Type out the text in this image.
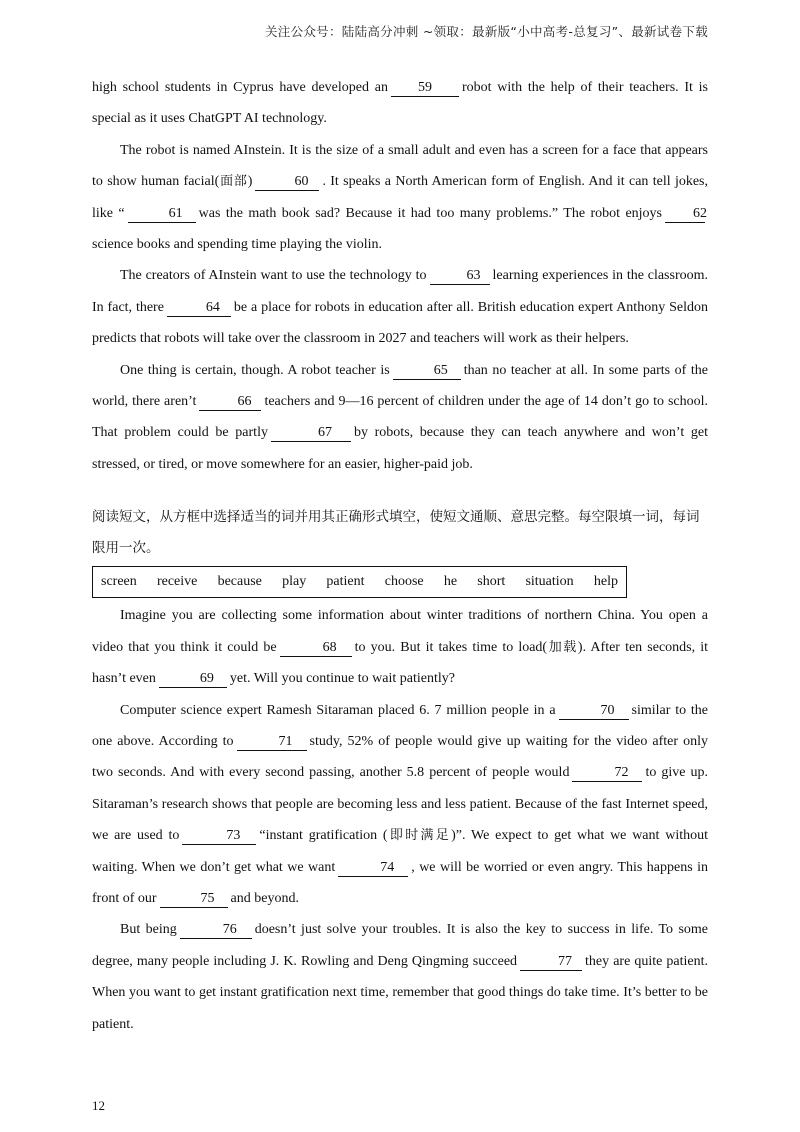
关注公众号：陆陆高分冲刺 ~领取：最新版“小中高考-总复习”、最新试卷下载

high school students in Cyprus have developed an 59 robot with the help of their teachers. It is special as it uses ChatGPT AI technology.

The robot is named AInstein. It is the size of a small adult and even has a screen for a face that appears to show human facial(面部)	60 . It speaks a North American form of English. And it can tell jokes, like “	61 was the math book sad? Because it had too many problems.” The robot enjoys 62science books and spending time playing the violin.

The creators of AInstein want to use the technology to	63 learning experiences in the classroom. In fact, there	64 be a place for robots in education after all. British education expert Anthony Seldon predicts that robots will take over the classroom in 2027 and teachers will work as their helpers.

One thing is certain, though. A robot teacher is	65 than no teacher at all. In some parts of the world, there aren’t	66 teachers and 9—16 percent of children under the age of 14 don’t go to school. That problem could be partly	67 by robots, because they can teach anywhere and won’t get stressed, or tired, or move somewhere for an easier, higher-paid job.

阅读短文，从方框中选择适当的词并用其正确形式填空，使短文通顺、意思完整。每空限填一词，每词限用一次。
screen receive because play patient choose he short situation help

Imagine you are collecting some information about winter traditions of northern China. You open a video that you think it could be	68 to you. But it takes time to load(加载). After ten seconds, it hasn’t even	69 yet. Will you continue to wait patiently?

Computer science expert Ramesh Sitaraman placed 6. 7 million people in a	70 similar to the one above. According to	71 study, 52% of people would give up waiting for the video after only two seconds. And with every second passing, another 5.8 percent of people would	72 to give up. Sitaraman’s research shows that people are becoming less and less patient. Because of the fast Internet speed, we are used to	73 “instant gratification (即时满足)”. We expect to get what we want without waiting. When we don’t get what we want	74 , we will be worried or even angry. This happens in front of our	75 and beyond.

But being	76 doesn’t just solve your troubles. It is also the key to success in life. To some degree, many people including J. K. Rowling and Deng Qingming succeed	77 they are quite patient. When you want to get instant gratification next time, remember that good things do take time. It’s better to be patient.

12
